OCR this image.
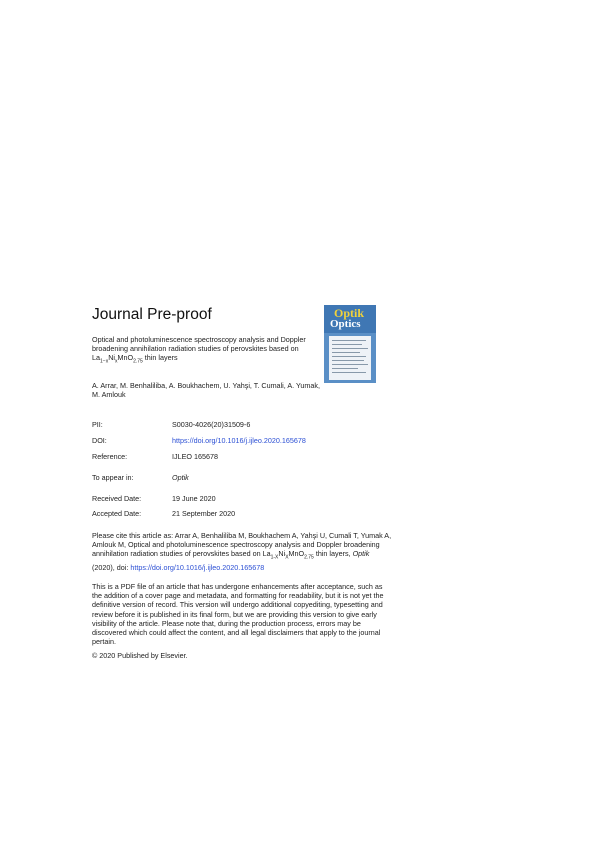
Journal Pre-proof
Optical and photoluminescence spectroscopy analysis and Doppler broadening annihilation radiation studies of perovskites based on $La_{1-x}Ni_xMnO_{2.75}$ thin layers
A. Arrar, M. Benhaliliba, A. Boukhachem, U. Yahşi, T. Cumali, A. Yumak, M. Amlouk
Optik
Optics
PII:	S0030-4026(20)31509-6
DOI:	https://doi.org/10.1016/j.ijleo.2020.165678
Reference:	IJLEO 165678
To appear in:	Optik
Received Date:	19 June 2020
Accepted Date:	21 September 2020
Please cite this article as: Arrar A, Benhaliliba M, Boukhachem A, Yahşi U, Cumali T, Yumak A, Amlouk M, Optical and photoluminescence spectroscopy analysis and Doppler broadening annihilation radiation studies of perovskites based on $La_{1-X}Ni_XMnO_{2.75}$ thin layers, Optik (2020), doi: https://doi.org/10.1016/j.ijleo.2020.165678
This is a PDF file of an article that has undergone enhancements after acceptance, such as the addition of a cover page and metadata, and formatting for readability, but it is not yet the definitive version of record. This version will undergo additional copyediting, typesetting and review before it is published in its final form, but we are providing this version to give early visibility of the article. Please note that, during the production process, errors may be discovered which could affect the content, and all legal disclaimers that apply to the journal pertain.
© 2020 Published by Elsevier.
